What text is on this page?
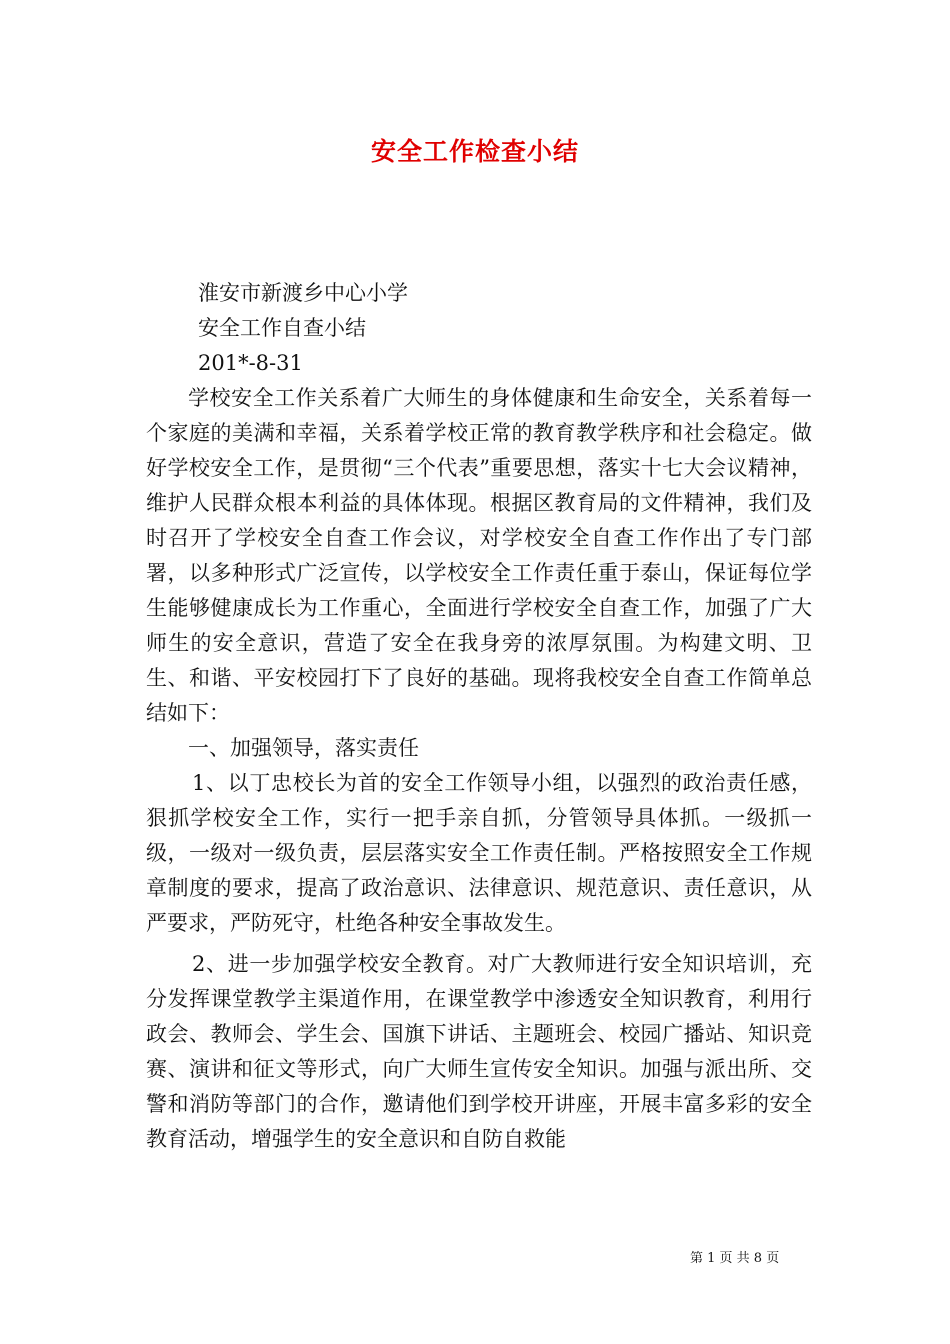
安全工作检查小结

淮安市新渡乡中心小学

安全工作自查小结

201*-8-31

学校安全工作关系着广大师生的身体健康和生命安全，关系着每一个家庭的美满和幸福，关系着学校正常的教育教学秩序和社会稳定。做好学校安全工作，是贯彻“三个代表”重要思想，落实十七大会议精神，维护人民群众根本利益的具体体现。根据区教育局的文件精神，我们及时召开了学校安全自查工作会议，对学校安全自查工作作出了专门部署，以多种形式广泛宣传，以学校安全工作责任重于泰山，保证每位学生能够健康成长为工作重心，全面进行学校安全自查工作，加强了广大师生的安全意识，营造了安全在我身旁的浓厚氛围。为构建文明、卫生、和谐、平安校园打下了良好的基础。现将我校安全自查工作简单总结如下：

一、加强领导，落实责任

1、以丁忠校长为首的安全工作领导小组，以强烈的政治责任感，狠抓学校安全工作，实行一把手亲自抓，分管领导具体抓。一级抓一级，一级对一级负责，层层落实安全工作责任制。严格按照安全工作规章制度的要求，提高了政治意识、法律意识、规范意识、责任意识，从严要求，严防死守，杜绝各种安全事故发生。

2、进一步加强学校安全教育。对广大教师进行安全知识培训，充分发挥课堂教学主渠道作用，在课堂教学中渗透安全知识教育，利用行政会、教师会、学生会、国旗下讲话、主题班会、校园广播站、知识竞赛、演讲和征文等形式，向广大师生宣传安全知识。加强与派出所、交警和消防等部门的合作，邀请他们到学校开讲座，开展丰富多彩的安全教育活动，增强学生的安全意识和自防自救能

第 1 页 共 8 页
